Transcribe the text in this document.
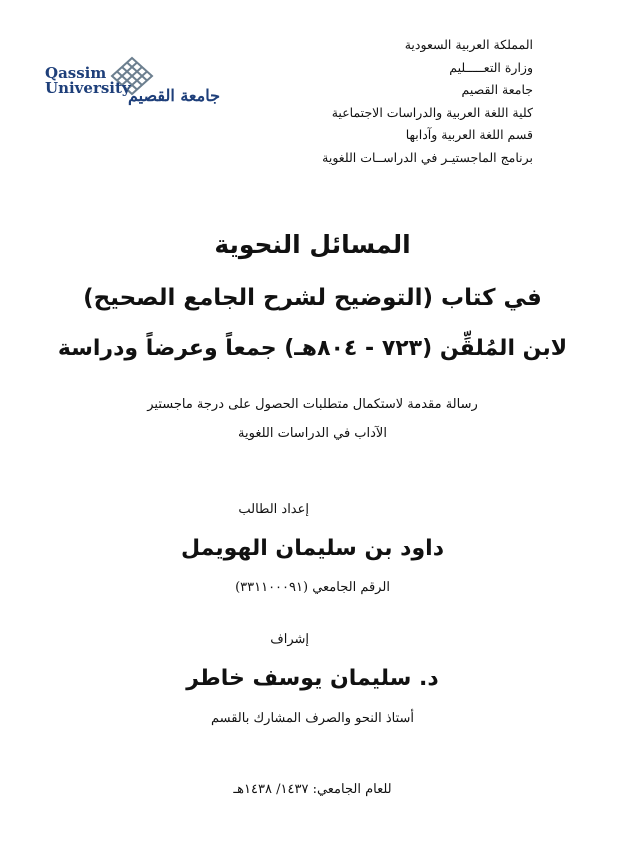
المملكة العربية السعودية
وزارة التعـــــليم
جامعة القصيم
كلية اللغة العربية والدراسات الاجتماعية
قسم اللغة العربية وآدابها
برنامج الماجستيـر في الدراســات اللغوية
Qassim
University
جامعة القصيم
المسائل النحوية
في كتاب (التوضيح لشرح الجامع الصحيح)
لابن المُلقِّن (٧٢٣ - ٨٠٤هـ) جمعاً وعرضاً ودراسة
رسالة مقدمة لاستكمال متطلبات الحصول على درجة ماجستير
الآداب في الدراسات اللغوية
إعداد الطالب
داود بن سليمان الهويمل
الرقم الجامعي (٣٣١١٠٠٠٩١)
إشراف
د. سليمان يوسف خاطر
أستاذ النحو والصرف المشارك بالقسم
للعام الجامعي: ١٤٣٧/ ١٤٣٨هـ
